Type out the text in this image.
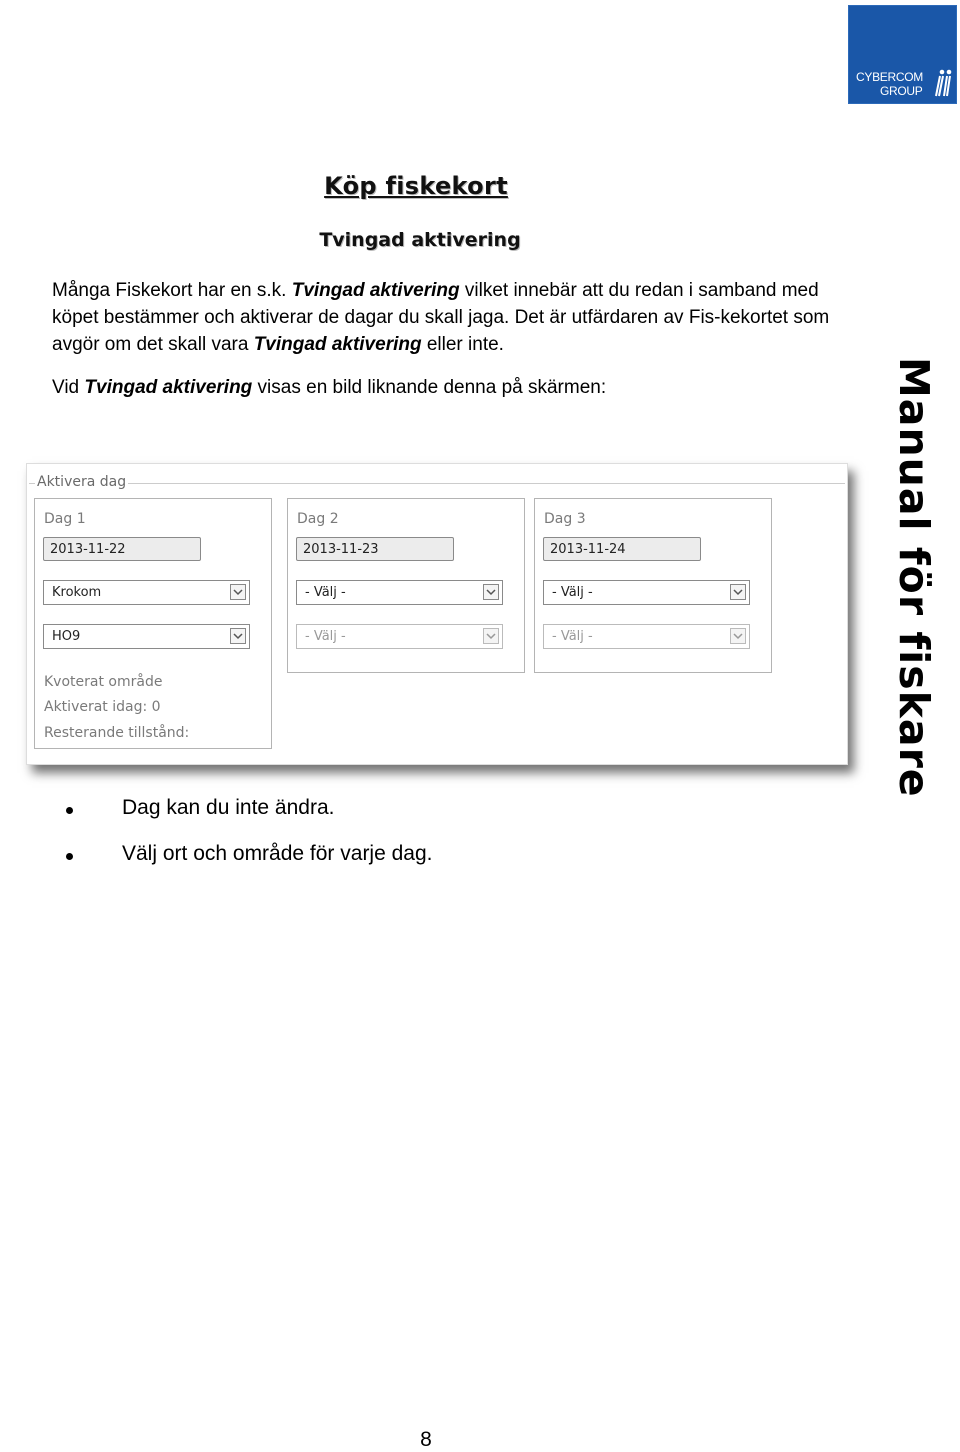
CYBERCOM
GROUP
Köp fiskekort
Tvingad aktivering
Många Fiskekort har en s.k. Tvingad aktivering vilket innebär att du redan i samband med köpet bestämmer och aktiverar de dagar du skall jaga. Det är utfärdaren av Fis-kekortet som avgör om det skall vara Tvingad aktivering eller inte.
Vid Tvingad aktivering visas en bild liknande denna på skärmen:	Manual för fiskare
Aktivera dag
Dag 1
2013-11-22
Krokom
HO9
Kvoterat område
Aktiverat idag: 0
Resterande tillstånd:
Dag 2
2013-11-23
- Välj -
- Välj -
Dag 3
2013-11-24
- Välj -
- Välj -
Dag kan du inte ändra.
Välj ort och område för varje dag.
8
